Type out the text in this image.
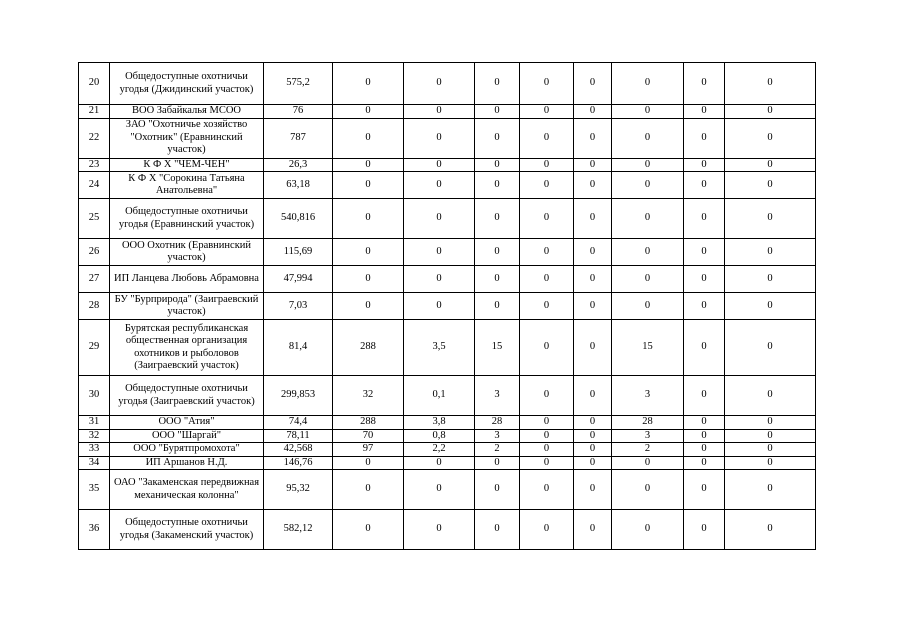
20	Общедоступные охотничьи угодья (Джидинский участок)	575,2	0	0	0	0	0	0	0	0
21	ВОО Забайкалья МСОО	76	0	0	0	0	0	0	0	0
22	ЗАО "Охотничье хозяйство "Охотник" (Еравнинский участок)	787	0	0	0	0	0	0	0	0
23	К Ф Х "ЧЕМ-ЧЕН"	26,3	0	0	0	0	0	0	0	0
24	К Ф Х "Сорокина Татьяна Анатольевна"	63,18	0	0	0	0	0	0	0	0
25	Общедоступные охотничьи угодья (Еравнинский участок)	540,816	0	0	0	0	0	0	0	0
26	ООО Охотник (Еравнинский участок)	115,69	0	0	0	0	0	0	0	0
27	ИП Ланцева Любовь Абрамовна	47,994	0	0	0	0	0	0	0	0
28	БУ "Бурприрода" (Заиграевский участок)	7,03	0	0	0	0	0	0	0	0
29	Бурятская республиканская общественная организация охотников и рыболовов (Заиграевский участок)	81,4	288	3,5	15	0	0	15	0	0
30	Общедоступные охотничьи угодья (Заиграевский участок)	299,853	32	0,1	3	0	0	3	0	0
31	ООО "Атия"	74,4	288	3,8	28	0	0	28	0	0
32	ООО "Шаргай"	78,11	70	0,8	3	0	0	3	0	0
33	ООО "Бурятпромохота"	42,568	97	2,2	2	0	0	2	0	0
34	ИП Аршанов Н.Д.	146,76	0	0	0	0	0	0	0	0
35	ОАО "Закаменская передвижная механическая колонна"	95,32	0	0	0	0	0	0	0	0
36	Общедоступные охотничьи угодья (Закаменский участок)	582,12	0	0	0	0	0	0	0	0
